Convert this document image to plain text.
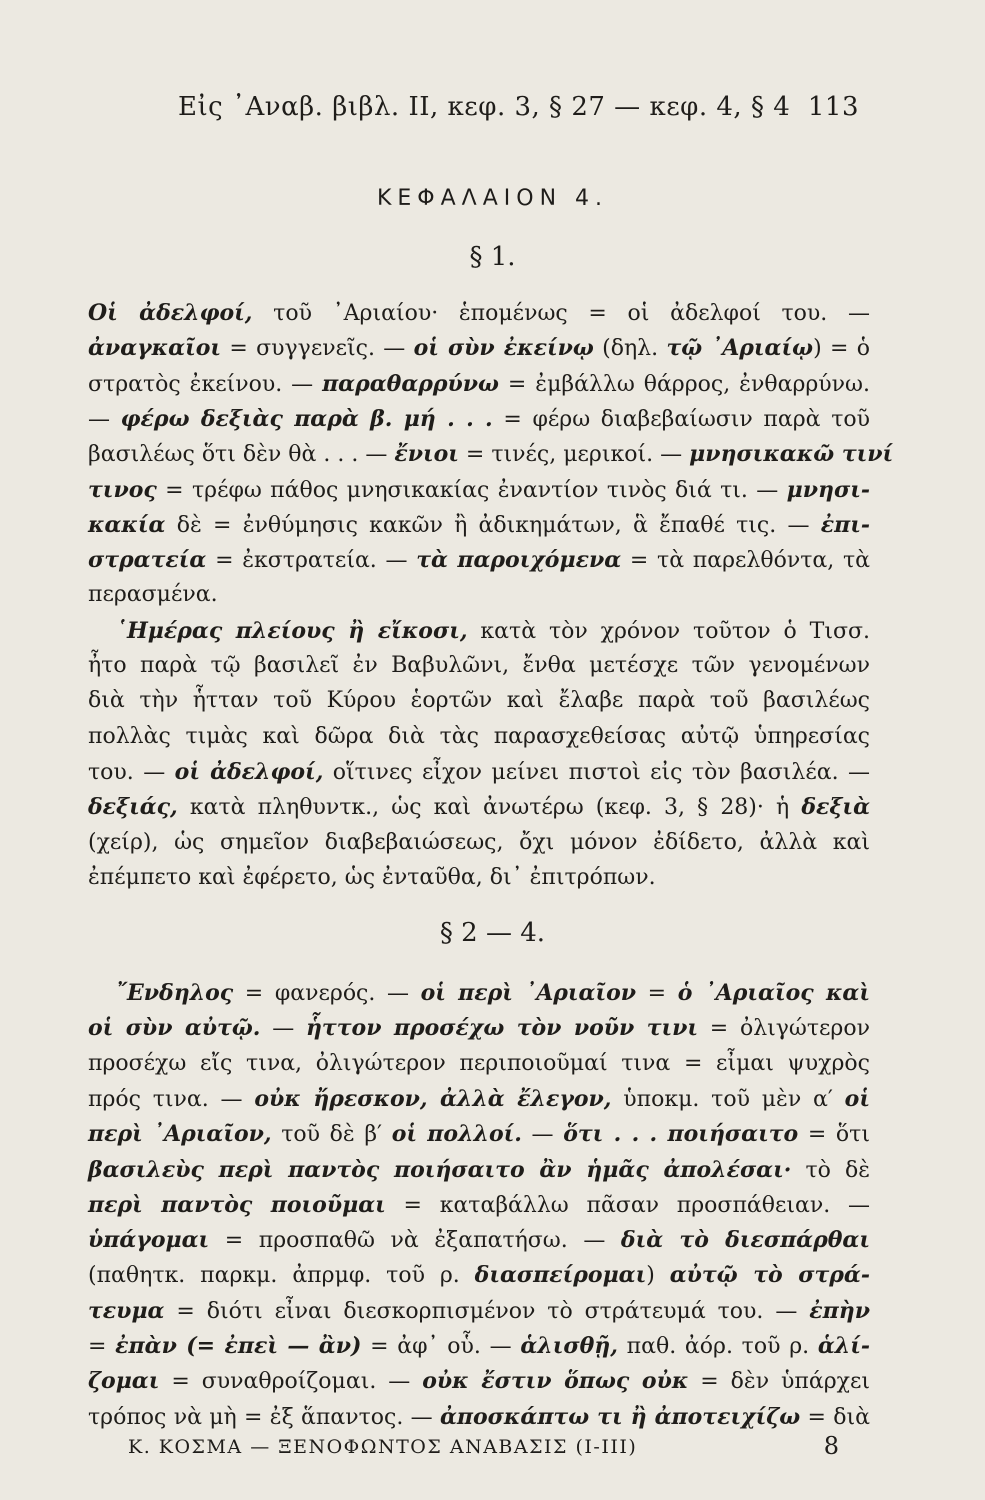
Εἰς ᾿Αναβ. βιβλ. ΙΙ, κεφ. 3, § 27 — κεφ. 4, § 4 113
ΚΕΦΑΛΑΙΟΝ 4.
§ 1.
Οἱ ἀδελφοί, τοῦ ᾿Αριαίου· ἑπομένως = οἱ ἀδελφοί του. —
ἀναγκαῖοι = συγγενεῖς. — οἱ σὺν ἐκείνῳ (δηλ. τῷ ᾿Αριαίῳ) = ὁ
στρατὸς ἐκείνου. — παραθαρρύνω = ἐμβάλλω θάρρος, ἐνθαρρύνω.
— φέρω δεξιὰς παρὰ β. μή . . . = φέρω διαβεβαίωσιν παρὰ τοῦ
βασιλέως ὅτι δὲν θὰ . . . — ἔνιοι = τινές, μερικοί. — μνησικακῶ τινί
τινος = τρέφω πάθος μνησικακίας ἐναντίον τινὸς διά τι. — μνησι-
κακία δὲ = ἐνθύμησις κακῶν ἢ ἀδικημάτων, ἃ ἔπαθέ τις. — ἐπι-
στρατεία = ἐκστρατεία. — τὰ παροιχόμενα = τὰ παρελθόντα, τὰ
περασμένα.
῾Ημέρας πλείους ἢ εἴκοσι, κατὰ τὸν χρόνον τοῦτον ὁ Τισσ.
ἦτο παρὰ τῷ βασιλεῖ ἐν Βαβυλῶνι, ἔνθα μετέσχε τῶν γενομένων
διὰ τὴν ἧτταν τοῦ Κύρου ἑορτῶν καὶ ἔλαβε παρὰ τοῦ βασιλέως
πολλὰς τιμὰς καὶ δῶρα διὰ τὰς παρασχεθείσας αὐτῷ ὑπηρεσίας
του. — οἱ ἀδελφοί, οἵτινες εἶχον μείνει πιστοὶ εἰς τὸν βασιλέα. —
δεξιάς, κατὰ πληθυντκ., ὡς καὶ ἀνωτέρω (κεφ. 3, § 28)· ἡ δεξιὰ
(χείρ), ὡς σημεῖον διαβεβαιώσεως, ὄχι μόνον ἐδίδετο, ἀλλὰ καὶ
ἐπέμπετο καὶ ἐφέρετο, ὡς ἐνταῦθα, δι᾿ ἐπιτρόπων.
§ 2 — 4.
῎Ενδηλος = φανερός. — οἱ περὶ ᾿Αριαῖον = ὁ ᾿Αριαῖος καὶ
οἱ σὺν αὐτῷ. — ἧττον προσέχω τὸν νοῦν τινι = ὀλιγώτερον
προσέχω εἴς τινα, ὀλιγώτερον περιποιοῦμαί τινα = εἶμαι ψυχρὸς
πρός τινα. — οὐκ ἤρεσκον, ἀλλὰ ἔλεγον, ὑποκμ. τοῦ μὲν α′ οἱ
περὶ ᾿Αριαῖον, τοῦ δὲ β′ οἱ πολλοί. — ὅτι . . . ποιήσαιτο = ὅτι
βασιλεὺς περὶ παντὸς ποιήσαιτο ἂν ἡμᾶς ἀπολέσαι· τὸ δὲ
περὶ παντὸς ποιοῦμαι = καταβάλλω πᾶσαν προσπάθειαν. —
ὑπάγομαι = προσπαθῶ νὰ ἐξαπατήσω. — διὰ τὸ διεσπάρθαι
(παθητκ. παρκμ. ἀπρμφ. τοῦ ρ. διασπείρομαι) αὐτῷ τὸ στρά-
τευμα = διότι εἶναι διεσκορπισμένον τὸ στράτευμά του. — ἐπὴν
= ἐπὰν (= ἐπεὶ — ἂν) = ἀφ᾿ οὗ. — ἁλισθῇ, παθ. ἀόρ. τοῦ ρ. ἁλί-
ζομαι = συναθροίζομαι. — οὐκ ἔστιν ὅπως οὐκ = δὲν ὑπάρχει
τρόπος νὰ μὴ = ἐξ ἅπαντος. — ἀποσκάπτω τι ἢ ἀποτειχίζω = διὰ
Κ. ΚΟΣΜΑ — ΞΕΝΟΦΩΝΤΟΣ ΑΝΑΒΑΣΙΣ (Ι-ΙΙΙ)	8
